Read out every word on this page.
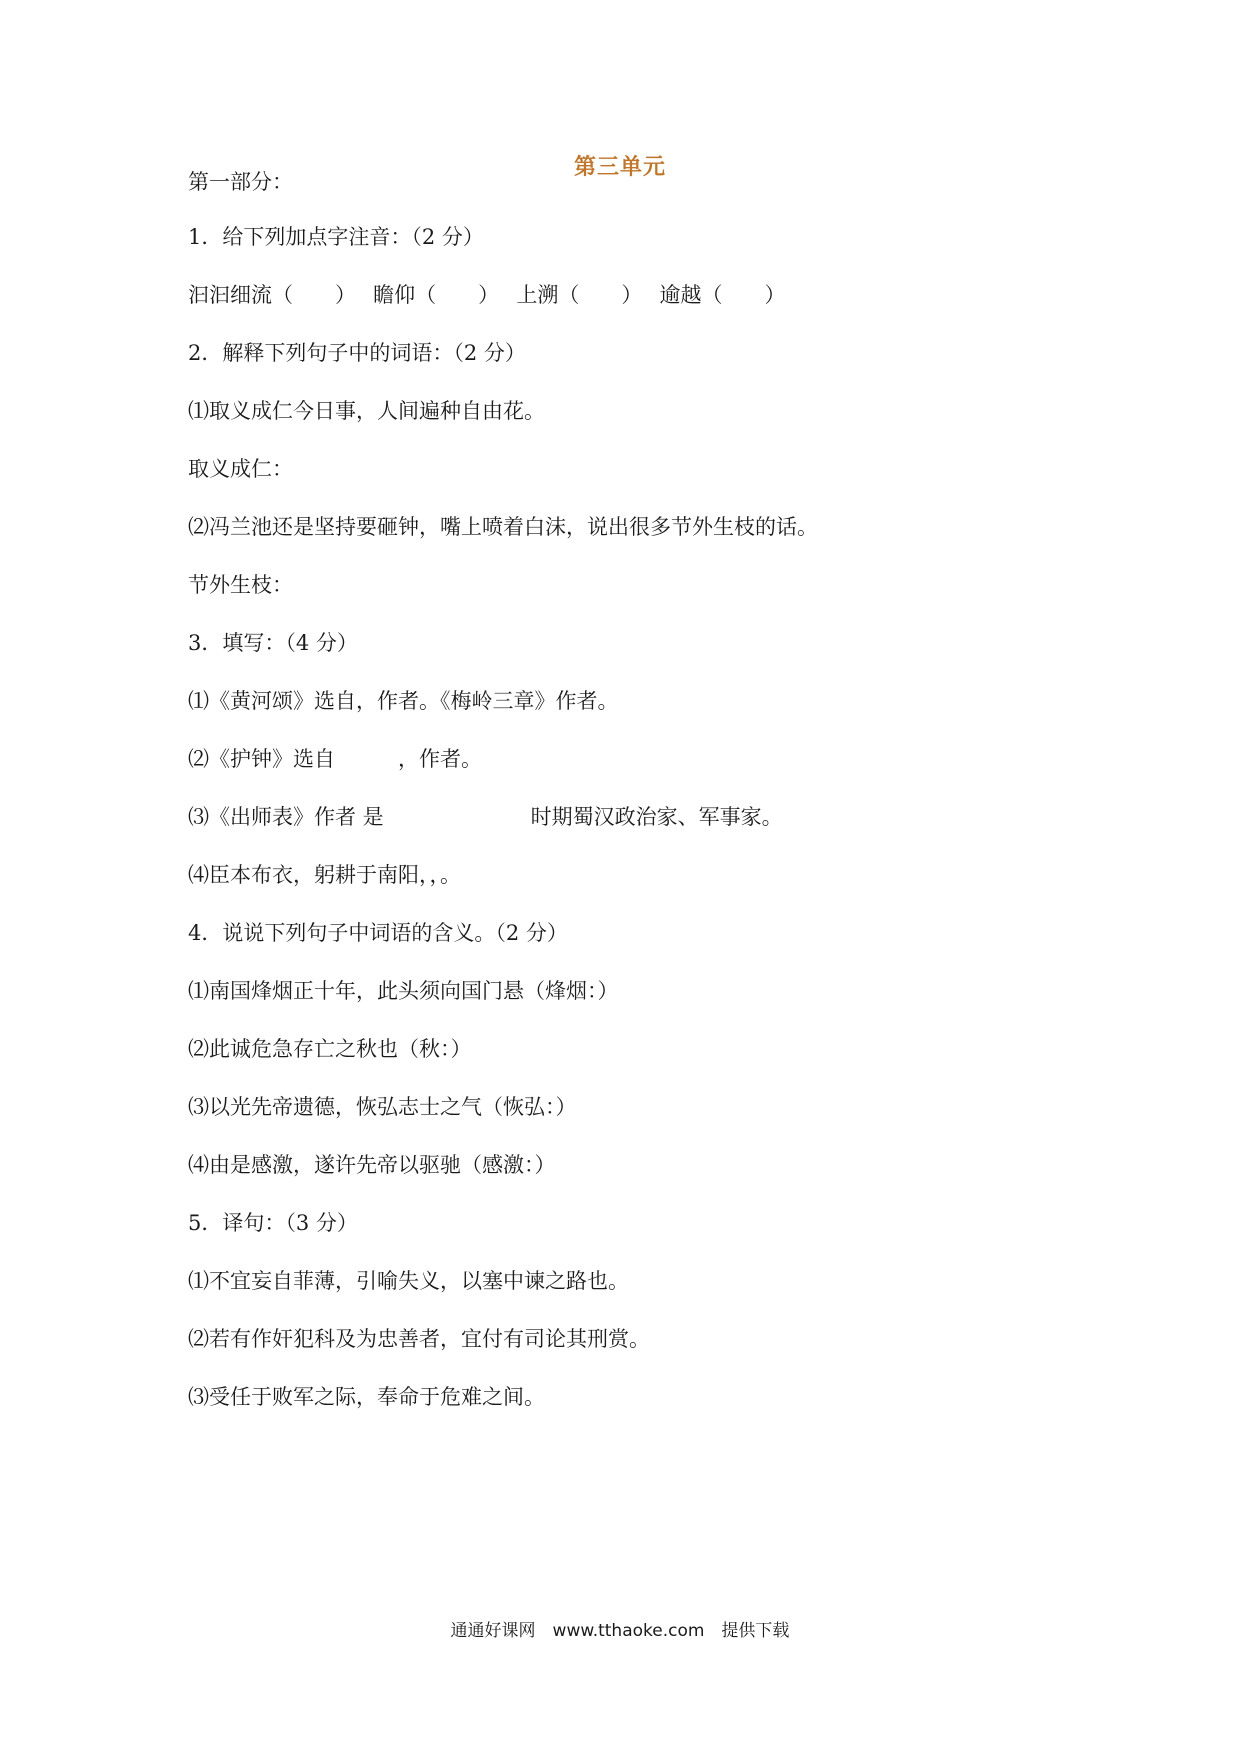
第三单元
第一部分：
1．给下列加点字注音：（2 分）
汩汩细流（　　）　 瞻仰（　　）　 上溯（　　）　 逾越（　　）
2．解释下列句子中的词语：（2 分）
⑴取义成仁今日事，人间遍种自由花。
取义成仁：
⑵冯兰池还是坚持要砸钟，嘴上喷着白沫，说出很多节外生枝的话。
节外生枝：
3．填写：（4 分）
⑴《黄河颂》选自，作者。《梅岭三章》作者。
⑵《护钟》选自　　　，作者。
⑶《出师表》作者 是　　　　　　　时期蜀汉政治家、军事家。
⑷臣本布衣，躬耕于南阳，，。
4．说说下列句子中词语的含义。（2 分）
⑴南国烽烟正十年，此头须向国门悬（烽烟：）
⑵此诚危急存亡之秋也（秋：）
⑶以光先帝遗德，恢弘志士之气（恢弘：）
⑷由是感激，遂许先帝以驱驰（感激：）
5．译句：（3 分）
⑴不宜妄自菲薄，引喻失义，以塞中谏之路也。
⑵若有作奸犯科及为忠善者，宜付有司论其刑赏。
⑶受任于败军之际，奉命于危难之间。
通通好课网　www.tthaoke.com　提供下载
